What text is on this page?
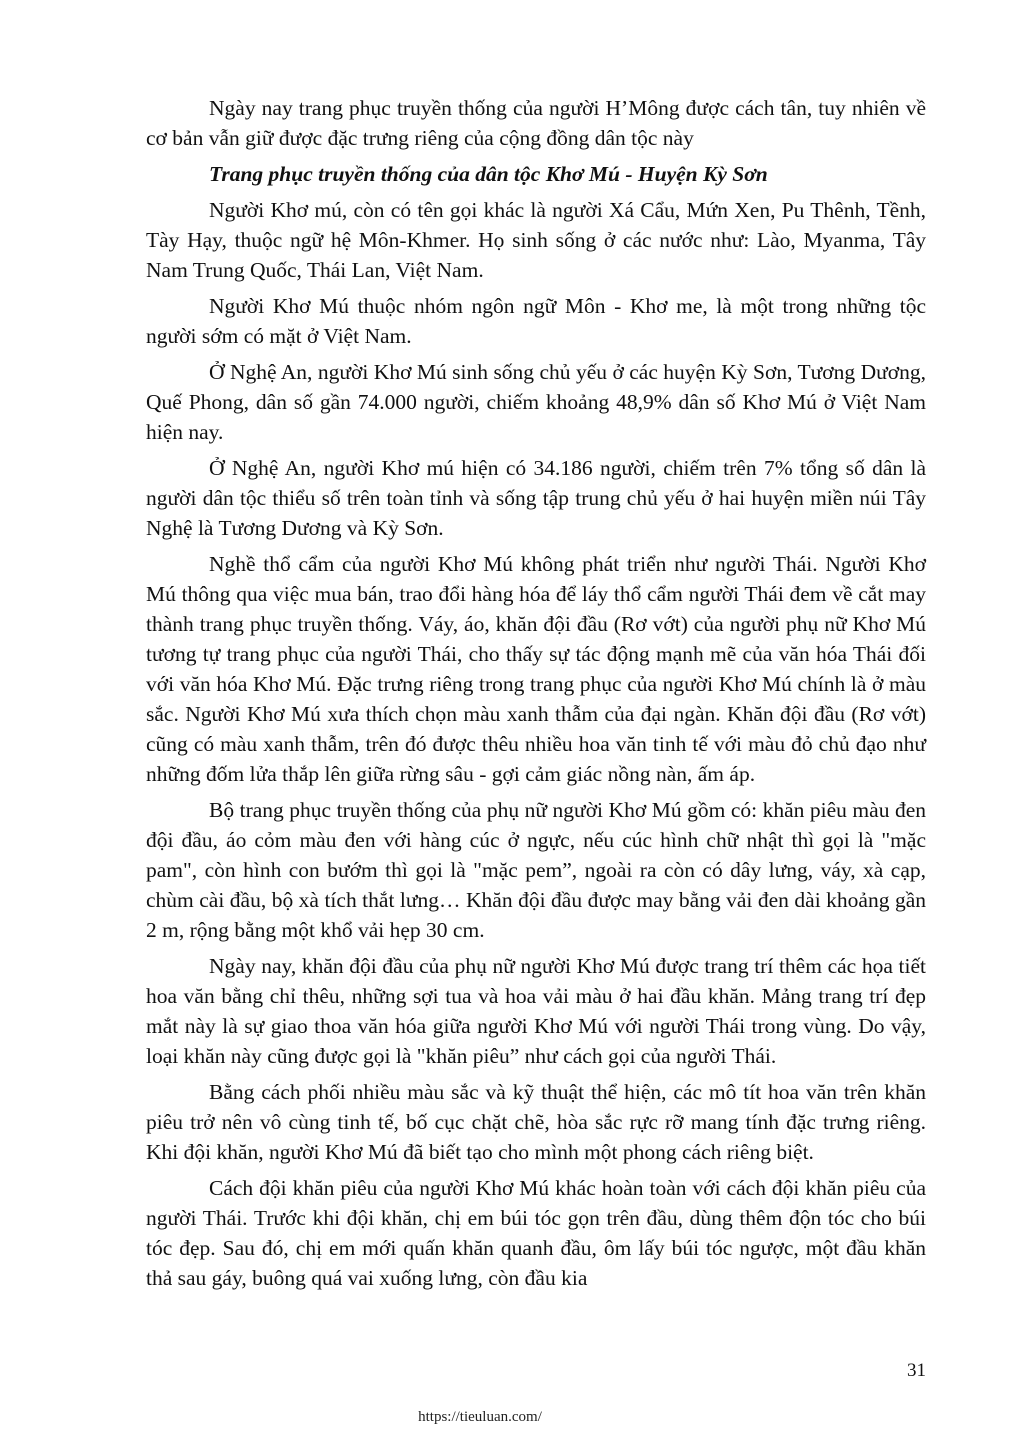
Ngày nay trang phục truyền thống của người H’Mông được cách tân, tuy nhiên về cơ bản vẫn giữ được đặc trưng riêng của cộng đồng dân tộc này

Trang phục truyền thống của dân tộc Khơ Mú - Huyện Kỳ Sơn

Người Khơ mú, còn có tên gọi khác là người Xá Cẩu, Mứn Xen, Pu Thênh, Tềnh, Tày Hạy, thuộc ngữ hệ Môn-Khmer. Họ sinh sống ở các nước như: Lào, Myanma, Tây Nam Trung Quốc, Thái Lan, Việt Nam.

Người Khơ Mú thuộc nhóm ngôn ngữ Môn - Khơ me, là một trong những tộc người sớm có mặt ở Việt Nam.

Ở Nghệ An, người Khơ Mú sinh sống chủ yếu ở các huyện Kỳ Sơn, Tương Dương, Quế Phong, dân số gần 74.000 người, chiếm khoảng 48,9% dân số Khơ Mú ở Việt Nam hiện nay.

Ở Nghệ An, người Khơ mú hiện có 34.186 người, chiếm trên 7% tổng số dân là người dân tộc thiểu số trên toàn tỉnh và sống tập trung chủ yếu ở hai huyện miền núi Tây Nghệ là Tương Dương và Kỳ Sơn.

Nghề thổ cẩm của người Khơ Mú không phát triển như người Thái. Người Khơ Mú thông qua việc mua bán, trao đổi hàng hóa để láy thổ cẩm người Thái đem về cắt may thành trang phục truyền thống. Váy, áo, khăn đội đầu (Rơ vớt) của người phụ nữ Khơ Mú tương tự trang phục của người Thái, cho thấy sự tác động mạnh mẽ của văn hóa Thái đối với văn hóa Khơ Mú. Đặc trưng riêng trong trang phục của người Khơ Mú chính là ở màu sắc. Người Khơ Mú xưa thích chọn màu xanh thẫm của đại ngàn. Khăn đội đầu (Rơ vớt) cũng có màu xanh thẫm, trên đó được thêu nhiều hoa văn tinh tế với màu đỏ chủ đạo như những đốm lửa thắp lên giữa rừng sâu - gợi cảm giác nồng nàn, ấm áp.

Bộ trang phục truyền thống của phụ nữ người Khơ Mú gồm có: khăn piêu màu đen đội đầu, áo cỏm màu đen với hàng cúc ở ngực, nếu cúc hình chữ nhật thì gọi là "mặc pam", còn hình con bướm thì gọi là "mặc pem”, ngoài ra còn có dây lưng, váy, xà cạp, chùm cài đầu, bộ xà tích thắt lưng… Khăn đội đầu được may bằng vải đen dài khoảng gần 2 m, rộng bằng một khổ vải hẹp 30 cm.

Ngày nay, khăn đội đầu của phụ nữ người Khơ Mú được trang trí thêm các họa tiết hoa văn bằng chỉ thêu, những sợi tua và hoa vải màu ở hai đầu khăn. Mảng trang trí đẹp mắt này là sự giao thoa văn hóa giữa người Khơ Mú với người Thái trong vùng. Do vậy, loại khăn này cũng được gọi là "khăn piêu” như cách gọi của người Thái.

Bằng cách phối nhiều màu sắc và kỹ thuật thể hiện, các mô tít hoa văn trên khăn piêu trở nên vô cùng tinh tế, bố cục chặt chẽ, hòa sắc rực rỡ mang tính đặc trưng riêng. Khi đội khăn, người Khơ Mú đã biết tạo cho mình một phong cách riêng biệt.

Cách đội khăn piêu của người Khơ Mú khác hoàn toàn với cách đội khăn piêu của người Thái. Trước khi đội khăn, chị em búi tóc gọn trên đầu, dùng thêm độn tóc cho búi tóc đẹp. Sau đó, chị em mới quấn khăn quanh đầu, ôm lấy búi tóc ngược, một đầu khăn thả sau gáy, buông quá vai xuống lưng, còn đầu kia

31
https://tieuluan.com/
